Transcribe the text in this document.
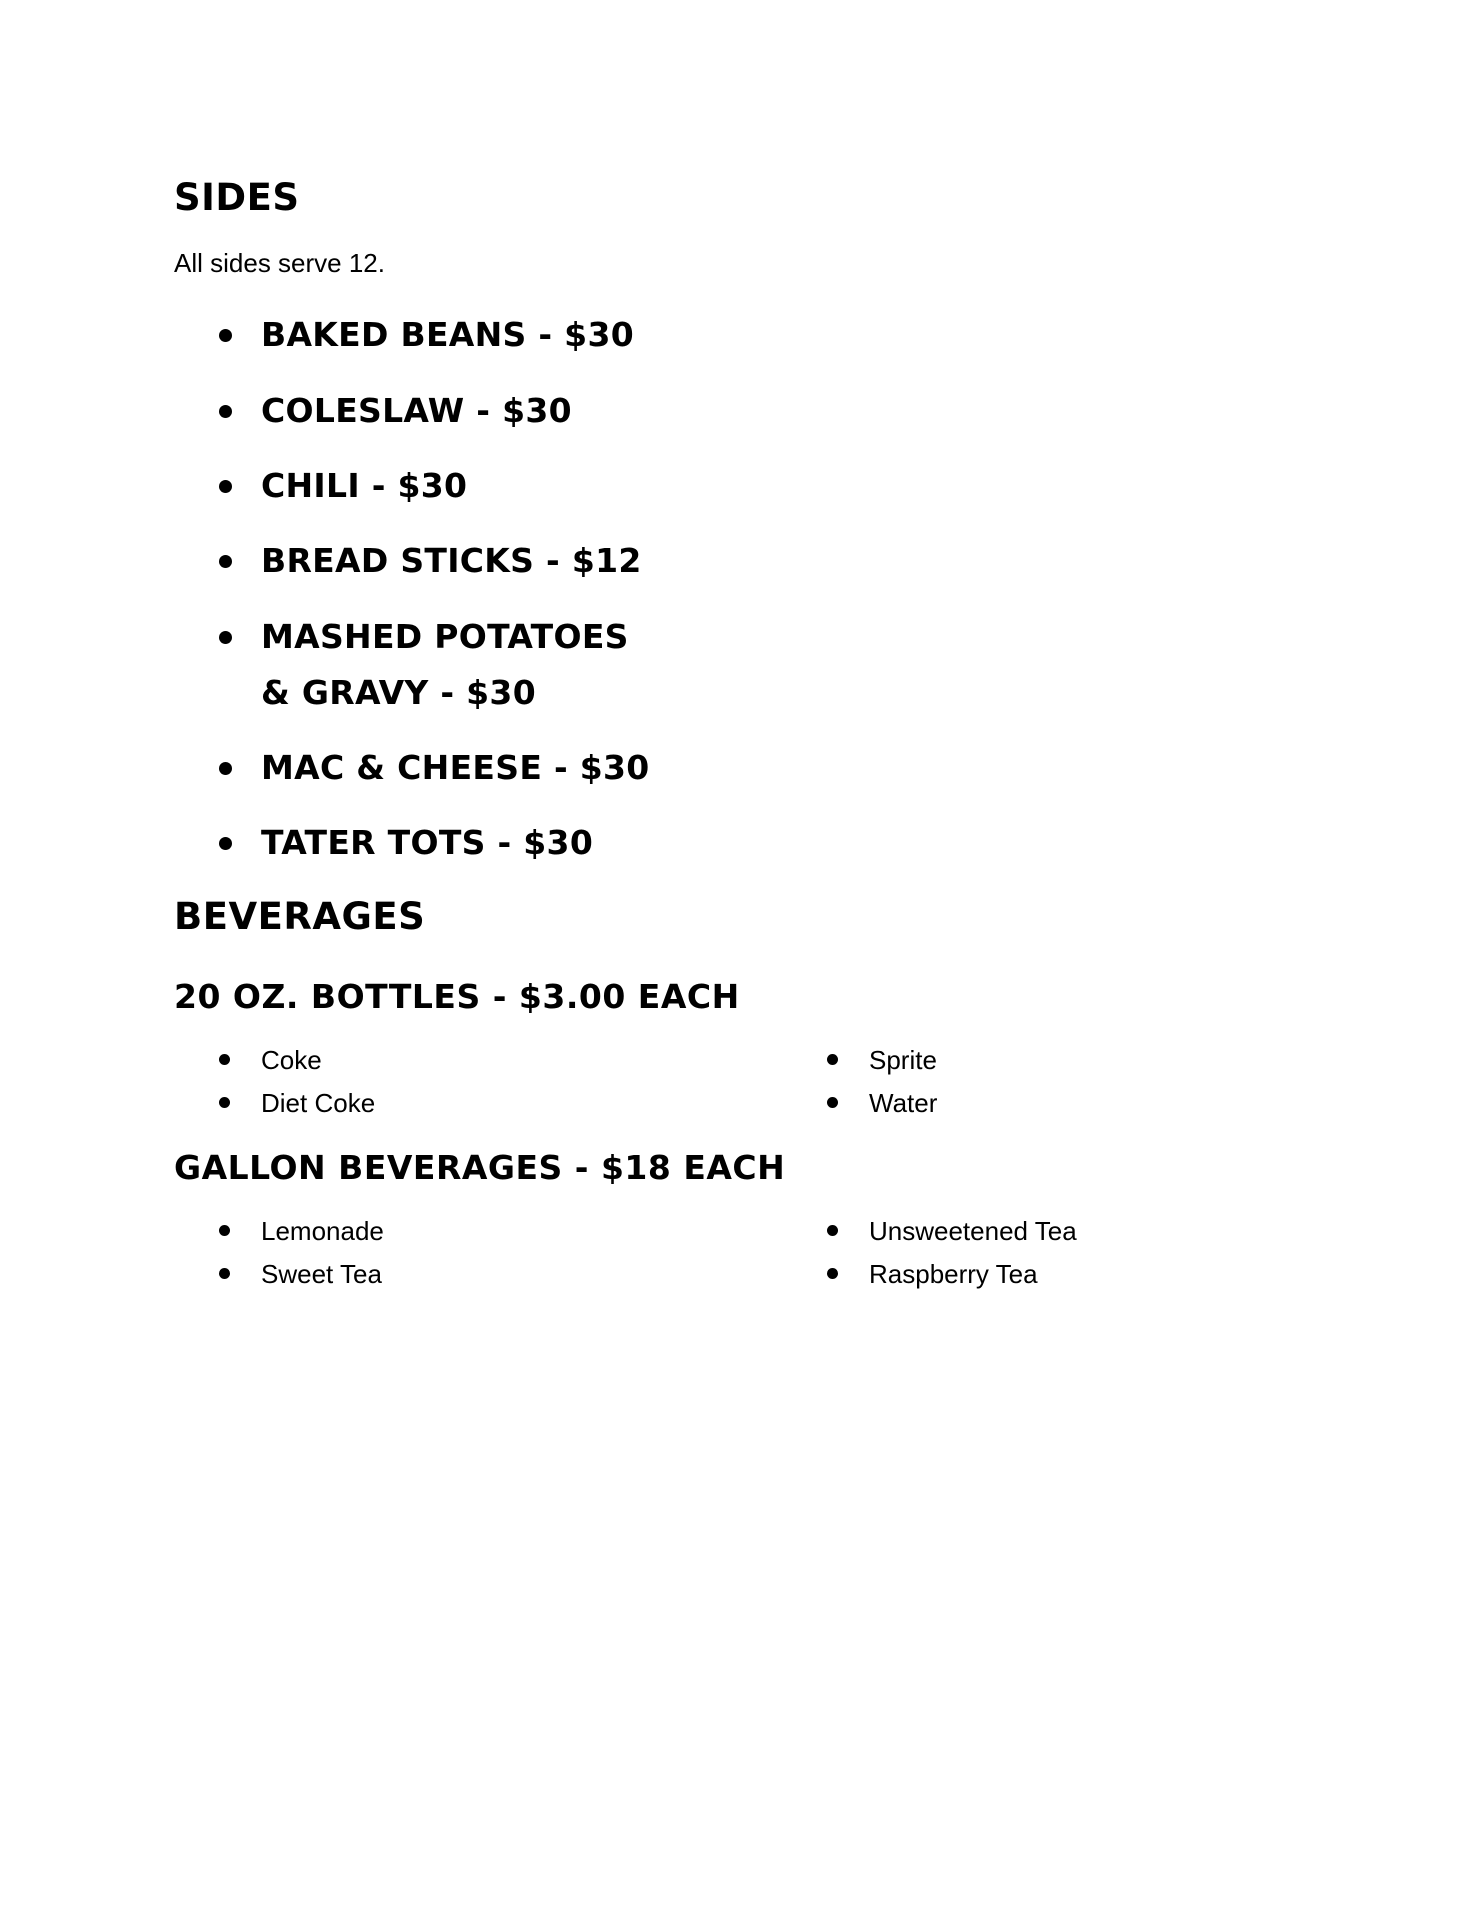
SIDES

All sides serve 12.

BAKED BEANS - $30
COLESLAW - $30
CHILI - $30
BREAD STICKS - $12
MASHED POTATOES & GRAVY - $30
MAC & CHEESE - $30
TATER TOTS - $30
BEVERAGES
20 OZ. BOTTLES - $3.00 EACH
Coke
Diet Coke
Sprite
Water
GALLON BEVERAGES - $18 EACH
Lemonade
Sweet Tea
Unsweetened Tea
Raspberry Tea
